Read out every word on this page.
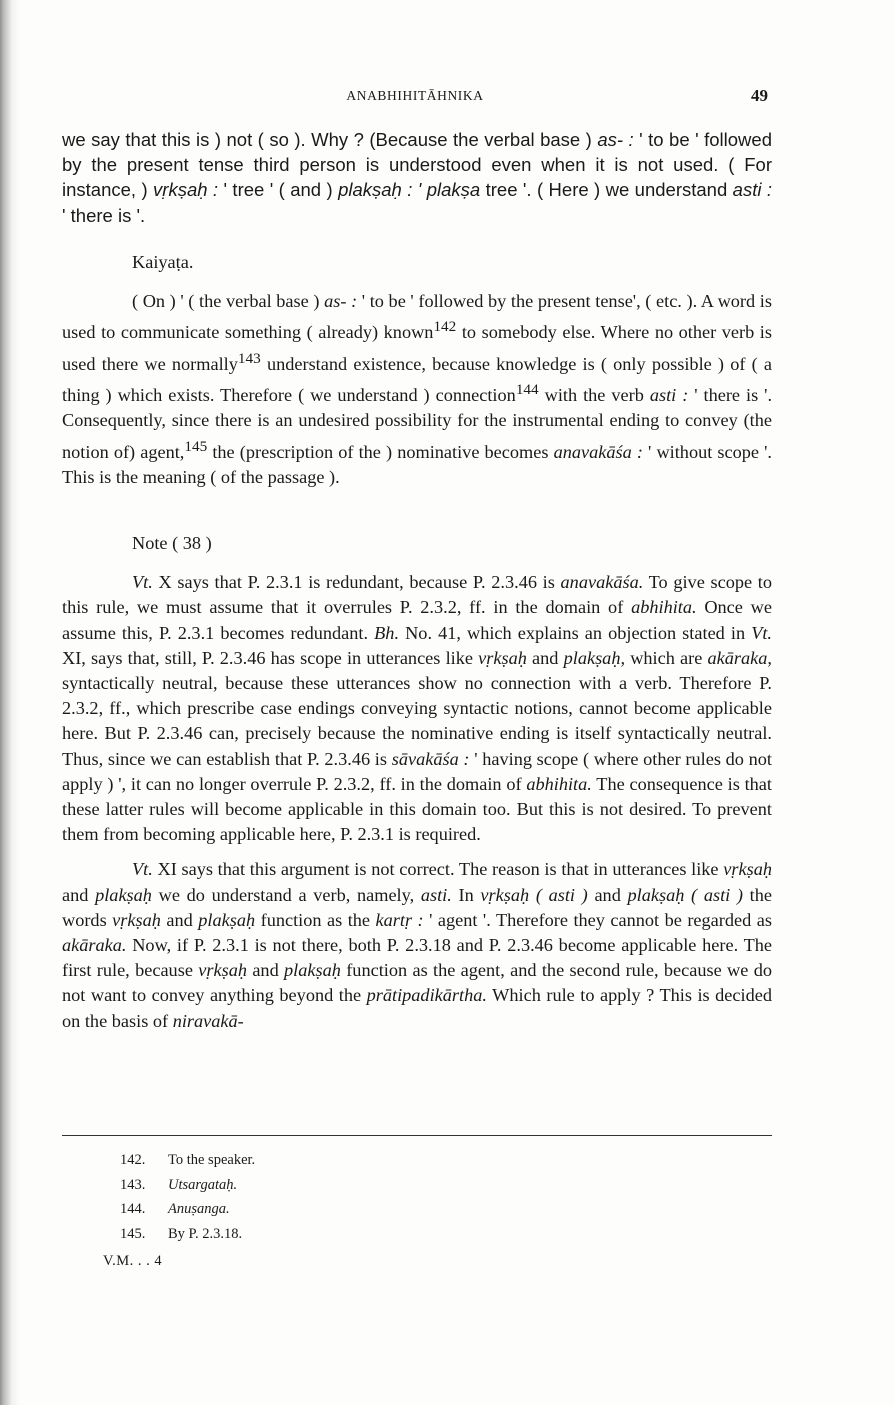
ANABHIHITĀHNIKA	49

we say that this is ) not ( so ). Why ? (Because the verbal base ) as- : ' to be ' followed by the present tense third person is understood even when it is not used. ( For instance, ) vṛkṣaḥ : ' tree ' ( and ) plakṣaḥ : ' plakṣa tree '. ( Here ) we understand asti : ' there is '.

Kaiyaṭa.

( On ) ' ( the verbal base ) as- : ' to be ' followed by the present tense', ( etc. ). A word is used to communicate something ( already) known$^{142}$ to somebody else. Where no other verb is used there we normally$^{143}$ understand existence, because knowledge is ( only possible ) of ( a thing ) which exists. Therefore ( we understand ) connection$^{144}$ with the verb asti : ' there is '. Consequently, since there is an undesired possibility for the instrumental ending to convey (the notion of) agent,$^{145}$ the (prescription of the ) nominative becomes anavakāśa : ' without scope '. This is the meaning ( of the passage ).

Note ( 38 )

Vt. X says that P. 2.3.1 is redundant, because P. 2.3.46 is anavakāśa. To give scope to this rule, we must assume that it overrules P. 2.3.2, ff. in the domain of abhihita. Once we assume this, P. 2.3.1 becomes redundant. Bh. No. 41, which explains an objection stated in Vt. XI, says that, still, P. 2.3.46 has scope in utterances like vṛkṣaḥ and plakṣaḥ, which are akāraka, syntactically neutral, because these utterances show no connection with a verb. Therefore P. 2.3.2, ff., which prescribe case endings conveying syntactic notions, cannot become applicable here. But P. 2.3.46 can, precisely because the nominative ending is itself syntactically neutral. Thus, since we can establish that P. 2.3.46 is sāvakāśa : ' having scope ( where other rules do not apply ) ', it can no longer overrule P. 2.3.2, ff. in the domain of abhihita. The consequence is that these latter rules will become applicable in this domain too. But this is not desired. To prevent them from becoming applicable here, P. 2.3.1 is required.

Vt. XI says that this argument is not correct. The reason is that in utterances like vṛkṣaḥ and plakṣaḥ we do understand a verb, namely, asti. In vṛkṣaḥ ( asti ) and plakṣaḥ ( asti ) the words vṛkṣaḥ and plakṣaḥ function as the kartṛ : ' agent '. Therefore they cannot be regarded as akāraka. Now, if P. 2.3.1 is not there, both P. 2.3.18 and P. 2.3.46 become applicable here. The first rule, because vṛkṣaḥ and plakṣaḥ function as the agent, and the second rule, because we do not want to convey anything beyond the prātipadikārtha. Which rule to apply ? This is decided on the basis of niravakā-

142. To the speaker.
143. Utsargataḥ.
144. Anuṣanga.
145. By P. 2.3.18.
V.M. . . 4
